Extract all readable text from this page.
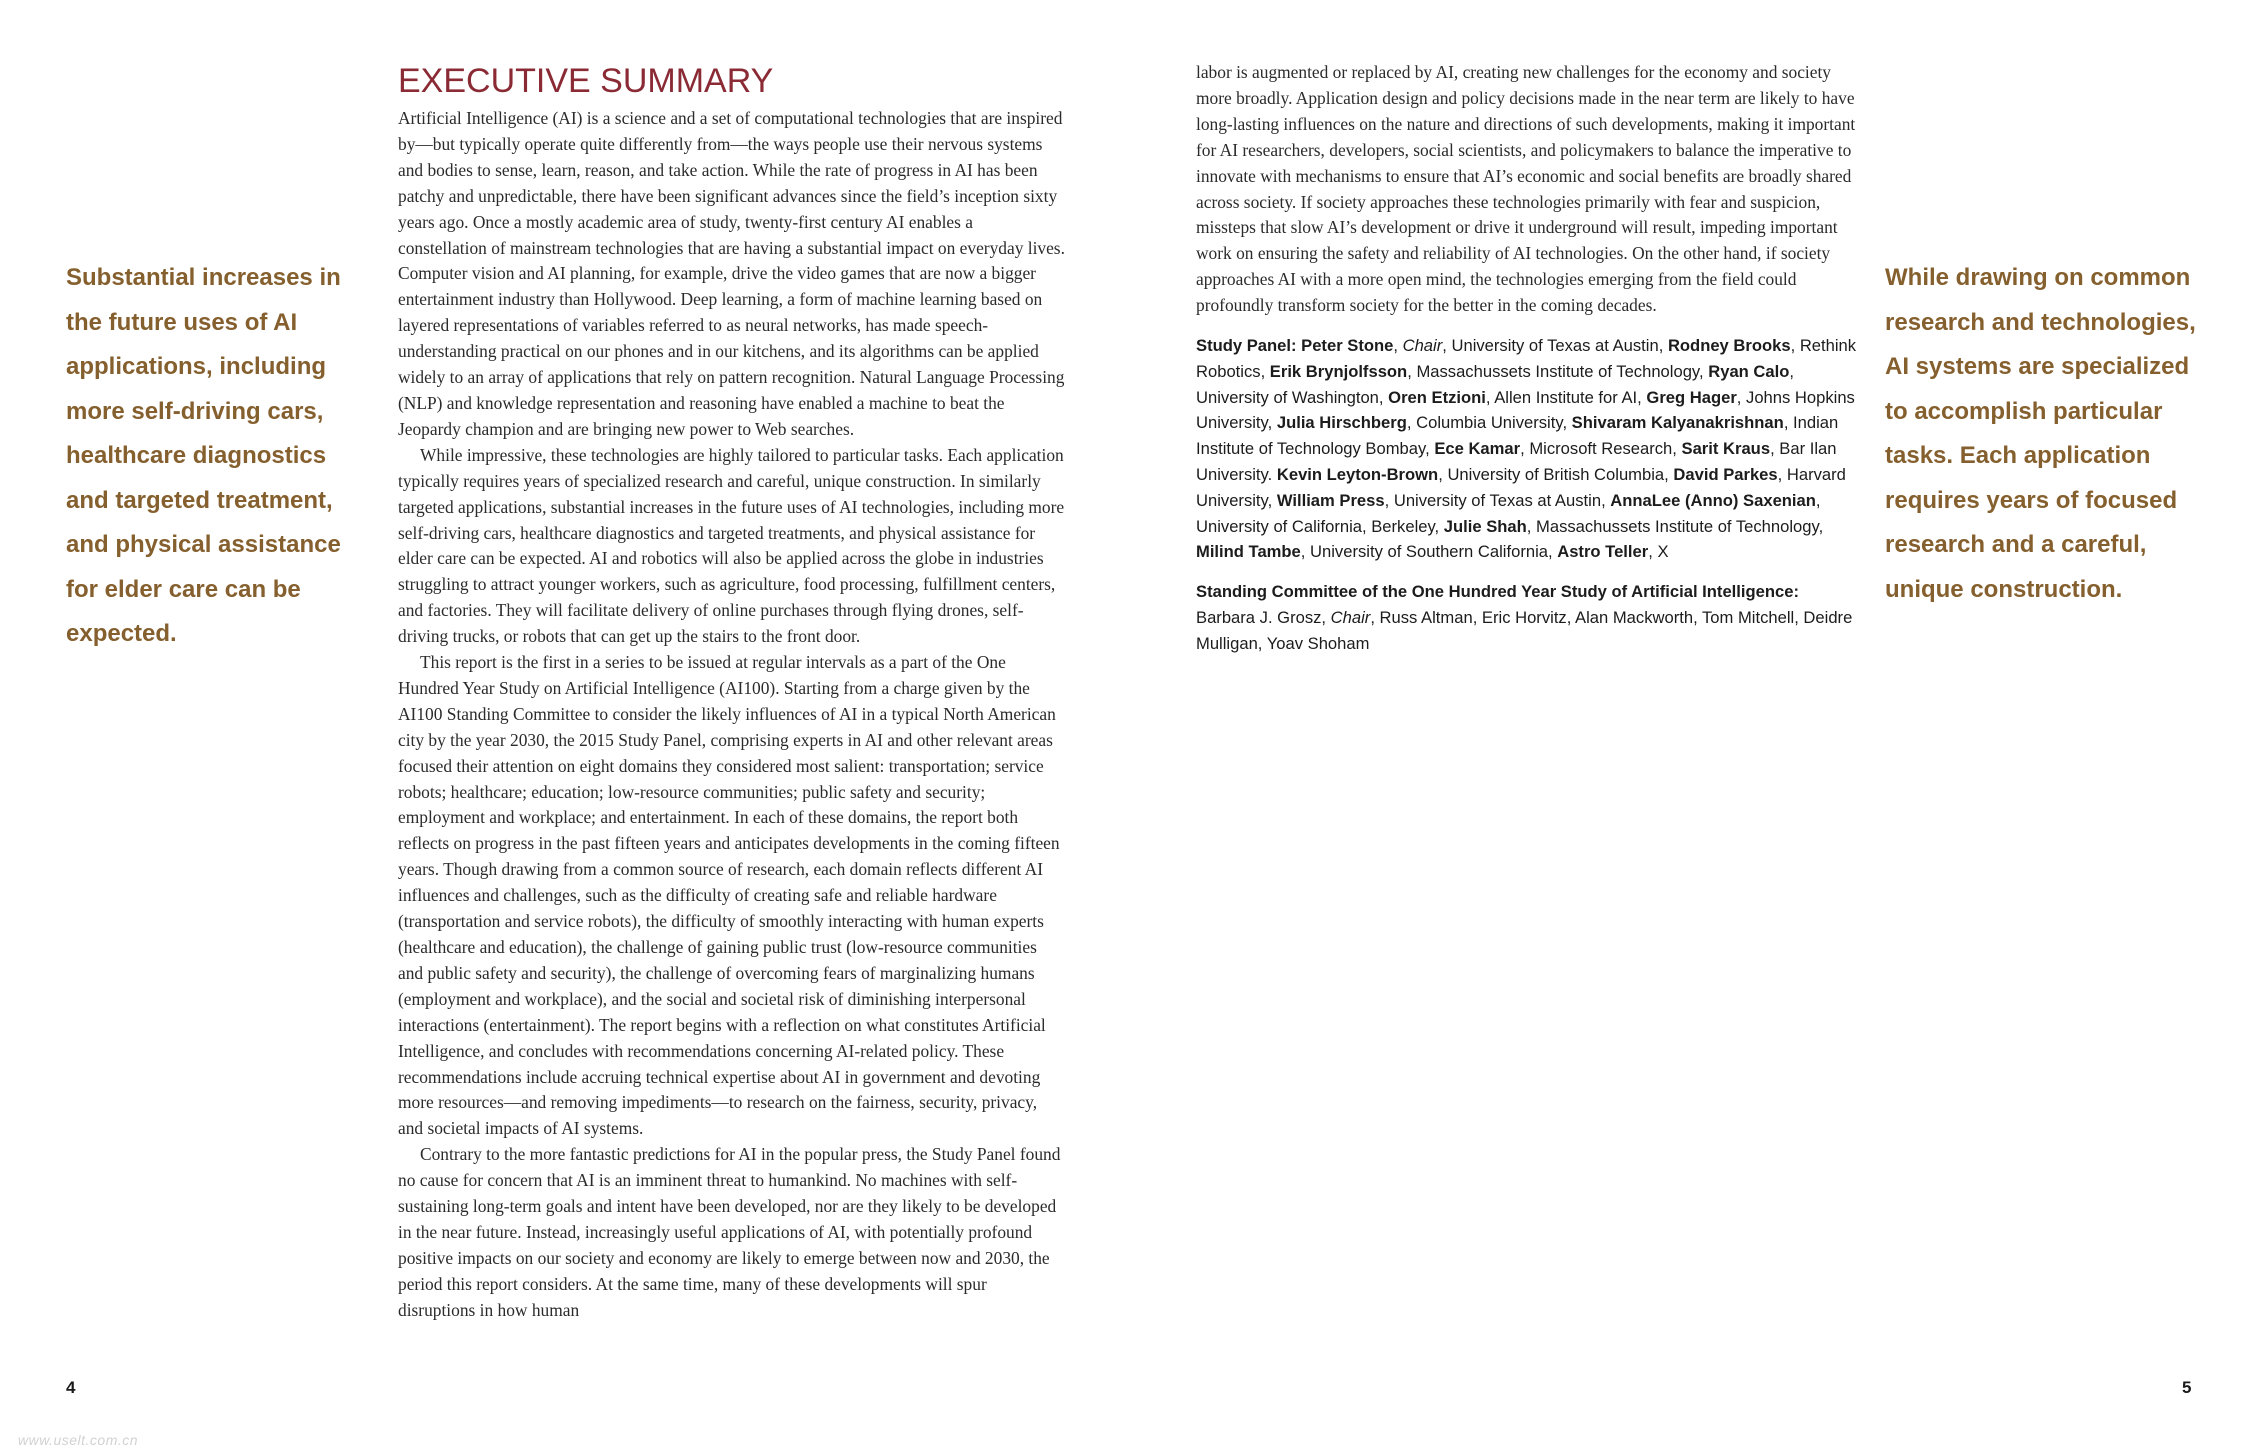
Substantial increases in the future uses of AI applications, including more self-driving cars, healthcare diagnostics and targeted treatment, and physical assistance for elder care can be expected.
EXECUTIVE SUMMARY

Artificial Intelligence (AI) is a science and a set of computational technologies that are inspired by—but typically operate quite differently from—the ways people use their nervous systems and bodies to sense, learn, reason, and take action. While the rate of progress in AI has been patchy and unpredictable, there have been significant advances since the field’s inception sixty years ago. Once a mostly academic area of study, twenty-first century AI enables a constellation of mainstream technologies that are having a substantial impact on everyday lives. Computer vision and AI planning, for example, drive the video games that are now a bigger entertainment industry than Hollywood. Deep learning, a form of machine learning based on layered representations of variables referred to as neural networks, has made speech-understanding practical on our phones and in our kitchens, and its algorithms can be applied widely to an array of applications that rely on pattern recognition. Natural Language Processing (NLP) and knowledge representation and reasoning have enabled a machine to beat the Jeopardy champion and are bringing new power to Web searches.

While impressive, these technologies are highly tailored to particular tasks. Each application typically requires years of specialized research and careful, unique construction. In similarly targeted applications, substantial increases in the future uses of AI technologies, including more self-driving cars, healthcare diagnostics and targeted treatments, and physical assistance for elder care can be expected. AI and robotics will also be applied across the globe in industries struggling to attract younger workers, such as agriculture, food processing, fulfillment centers, and factories. They will facilitate delivery of online purchases through flying drones, self-driving trucks, or robots that can get up the stairs to the front door.

This report is the first in a series to be issued at regular intervals as a part of the One Hundred Year Study on Artificial Intelligence (AI100). Starting from a charge given by the AI100 Standing Committee to consider the likely influences of AI in a typical North American city by the year 2030, the 2015 Study Panel, comprising experts in AI and other relevant areas focused their attention on eight domains they considered most salient: transportation; service robots; healthcare; education; low-resource communities; public safety and security; employment and workplace; and entertainment. In each of these domains, the report both reflects on progress in the past fifteen years and anticipates developments in the coming fifteen years. Though drawing from a common source of research, each domain reflects different AI influences and challenges, such as the difficulty of creating safe and reliable hardware (transportation and service robots), the difficulty of smoothly interacting with human experts (healthcare and education), the challenge of gaining public trust (low-resource communities and public safety and security), the challenge of overcoming fears of marginalizing humans (employment and workplace), and the social and societal risk of diminishing interpersonal interactions (entertainment). The report begins with a reflection on what constitutes Artificial Intelligence, and concludes with recommendations concerning AI-related policy. These recommendations include accruing technical expertise about AI in government and devoting more resources—and removing impediments—to research on the fairness, security, privacy, and societal impacts of AI systems.

Contrary to the more fantastic predictions for AI in the popular press, the Study Panel found no cause for concern that AI is an imminent threat to humankind. No machines with self-sustaining long-term goals and intent have been developed, nor are they likely to be developed in the near future. Instead, increasingly useful applications of AI, with potentially profound positive impacts on our society and economy are likely to emerge between now and 2030, the period this report considers. At the same time, many of these developments will spur disruptions in how human

labor is augmented or replaced by AI, creating new challenges for the economy and society more broadly. Application design and policy decisions made in the near term are likely to have long-lasting influences on the nature and directions of such developments, making it important for AI researchers, developers, social scientists, and policymakers to balance the imperative to innovate with mechanisms to ensure that AI’s economic and social benefits are broadly shared across society. If society approaches these technologies primarily with fear and suspicion, missteps that slow AI’s development or drive it underground will result, impeding important work on ensuring the safety and reliability of AI technologies. On the other hand, if society approaches AI with a more open mind, the technologies emerging from the field could profoundly transform society for the better in the coming decades.

Study Panel: Peter Stone, Chair, University of Texas at Austin, Rodney Brooks, Rethink Robotics, Erik Brynjolfsson, Massachussets Institute of Technology, Ryan Calo, University of Washington, Oren Etzioni, Allen Institute for AI, Greg Hager, Johns Hopkins University, Julia Hirschberg, Columbia University, Shivaram Kalyanakrishnan, Indian Institute of Technology Bombay, Ece Kamar, Microsoft Research, Sarit Kraus, Bar Ilan University. Kevin Leyton-Brown, University of British Columbia, David Parkes, Harvard University, William Press, University of Texas at Austin, AnnaLee (Anno) Saxenian, University of California, Berkeley, Julie Shah, Massachussets Institute of Technology, Milind Tambe, University of Southern California, Astro Teller, X

Standing Committee of the One Hundred Year Study of Artificial Intelligence:
Barbara J. Grosz, Chair, Russ Altman, Eric Horvitz, Alan Mackworth, Tom Mitchell, Deidre Mulligan, Yoav Shoham

While drawing on common research and technologies, AI systems are specialized to accomplish particular tasks. Each application requires years of focused research and a careful, unique construction.
4	5
www.uselt.com.cn
